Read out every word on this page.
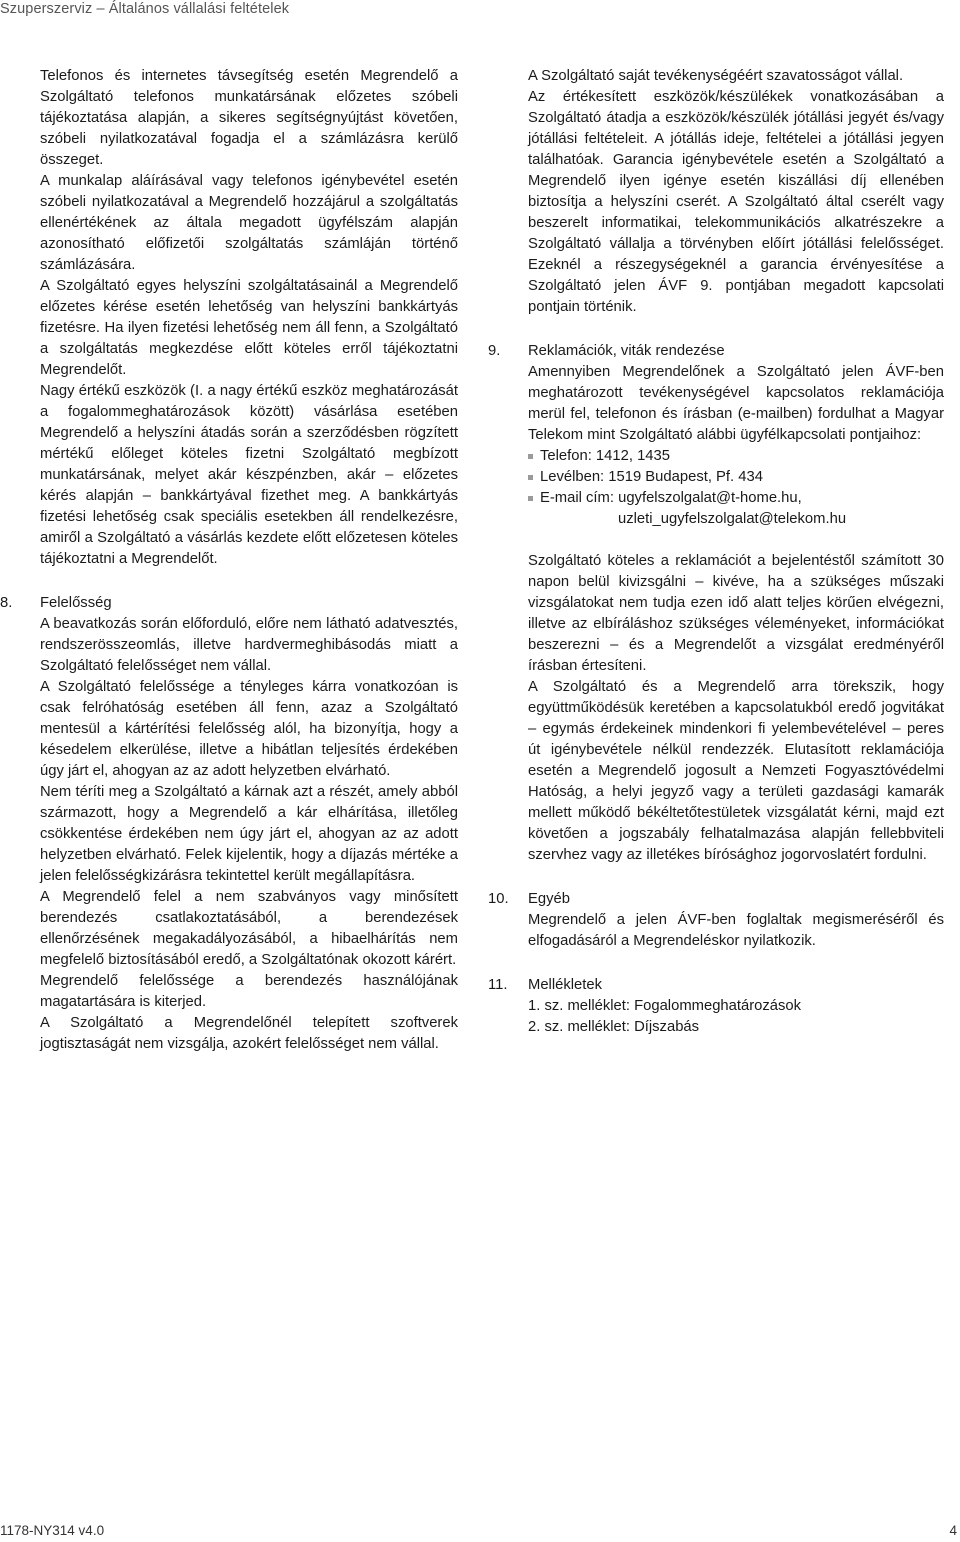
Szuperszerviz – Általános vállalási feltételek

Telefonos és internetes távsegítség esetén Megrendelő a Szolgáltató telefonos munkatársának előzetes szóbeli tájékoztatása alapján, a sikeres segítségnyújtást követően, szóbeli nyilatkozatával fogadja el a számlázásra kerülő összeget.

A munkalap aláírásával vagy telefonos igénybevétel esetén szóbeli nyilatkozatával a Megrendelő hozzájárul a szolgáltatás ellenértékének az általa megadott ügyfélszám alapján azonosítható előfizetői szolgáltatás számláján történő számlázására.

A Szolgáltató egyes helyszíni szolgáltatásainál a Megrendelő előzetes kérése esetén lehetőség van helyszíni bankkártyás fizetésre. Ha ilyen fizetési lehetőség nem áll fenn, a Szolgáltató a szolgáltatás megkezdése előtt köteles erről tájékoztatni Megrendelőt.

Nagy értékű eszközök (I. a nagy értékű eszköz meghatározását a fogalommeghatározások között) vásárlása esetében Megrendelő a helyszíni átadás során a szerződésben rögzített mértékű előleget köteles fizetni Szolgáltató megbízott munkatársának, melyet akár készpénzben, akár – előzetes kérés alapján – bankkártyával fizethet meg. A bankkártyás fizetési lehetőség csak speciális esetekben áll rendelkezésre, amiről a Szolgáltató a vásárlás kezdete előtt előzetesen köteles tájékoztatni a Megrendelőt.

8. Felelősség

A beavatkozás során előforduló, előre nem látható adatvesztés, rendszerösszeomlás, illetve hardvermeghibásodás miatt a Szolgáltató felelősséget nem vállal.

A Szolgáltató felelőssége a tényleges kárra vonatkozóan is csak felróhatóság esetében áll fenn, azaz a Szolgáltató mentesül a kártérítési felelősség alól, ha bizonyítja, hogy a késedelem elkerülése, illetve a hibátlan teljesítés érdekében úgy járt el, ahogyan az az adott helyzetben elvárható.

Nem téríti meg a Szolgáltató a kárnak azt a részét, amely abból származott, hogy a Megrendelő a kár elhárítása, illetőleg csökkentése érdekében nem úgy járt el, ahogyan az az adott helyzetben elvárható. Felek kijelentik, hogy a díjazás mértéke a jelen felelősségkizárásra tekintettel került megállapításra.

A Megrendelő felel a nem szabványos vagy minősített berendezés csatlakoztatásából, a berendezések ellenőrzésének megakadályozásából, a hibaelhárítás nem megfelelő biztosításából eredő, a Szolgáltatónak okozott kárért.

Megrendelő felelőssége a berendezés használójának magatartására is kiterjed.

A Szolgáltató a Megrendelőnél telepített szoftverek jogtisztaságát nem vizsgálja, azokért felelősséget nem vállal.

A Szolgáltató saját tevékenységéért szavatosságot vállal.

Az értékesített eszközök/készülékek vonatkozásában a Szolgáltató átadja a eszközök/készülék jótállási jegyét és/vagy jótállási feltételeit. A jótállás ideje, feltételei a jótállási jegyen találhatóak. Garancia igénybevétele esetén a Szolgáltató a Megrendelő ilyen igénye esetén kiszállási díj ellenében biztosítja a helyszíni cserét. A Szolgáltató által cserélt vagy beszerelt informatikai, telekommunikációs alkatrészekre a Szolgáltató vállalja a törvényben előírt jótállási felelősséget. Ezeknél a részegységeknél a garancia érvényesítése a Szolgáltató jelen ÁVF 9. pontjában megadott kapcsolati pontjain történik.

9. Reklamációk, viták rendezése

Amennyiben Megrendelőnek a Szolgáltató jelen ÁVF-ben meghatározott tevékenységével kapcsolatos reklamációja merül fel, telefonon és írásban (e-mailben) fordulhat a Magyar Telekom mint Szolgáltató alábbi ügyfélkapcsolati pontjaihoz:

Telefon: 1412, 1435
Levélben: 1519 Budapest, Pf. 434
E-mail cím: ugyfelszolgalat@t-home.hu,
uzleti_ugyfelszolgalat@telekom.hu

Szolgáltató köteles a reklamációt a bejelentéstől számított 30 napon belül kivizsgálni – kivéve, ha a szükséges műszaki vizsgálatokat nem tudja ezen idő alatt teljes körűen elvégezni, illetve az elbíráláshoz szükséges véleményeket, információkat beszerezni – és a Megrendelőt a vizsgálat eredményéről írásban értesíteni.

A Szolgáltató és a Megrendelő arra törekszik, hogy együttműködésük keretében a kapcsolatukból eredő jogvitákat – egymás érdekeinek mindenkori fi yelembevételével – peres út igénybevétele nélkül rendezzék. Elutasított reklamációja esetén a Megrendelő jogosult a Nemzeti Fogyasztóvédelmi Hatóság, a helyi jegyző vagy a területi gazdasági kamarák mellett működő békéltetőtestületek vizsgálatát kérni, majd ezt követően a jogszabály felhatalmazása alapján fellebbviteli szervhez vagy az illetékes bírósághoz jogorvoslatért fordulni.

10. Egyéb

Megrendelő a jelen ÁVF-ben foglaltak megismeréséről és elfogadásáról a Megrendeléskor nyilatkozik.

11. Mellékletek

1. sz. melléklet: Fogalommeghatározások

2. sz. melléklet: Díjszabás

1178-NY314 v4.0	4
